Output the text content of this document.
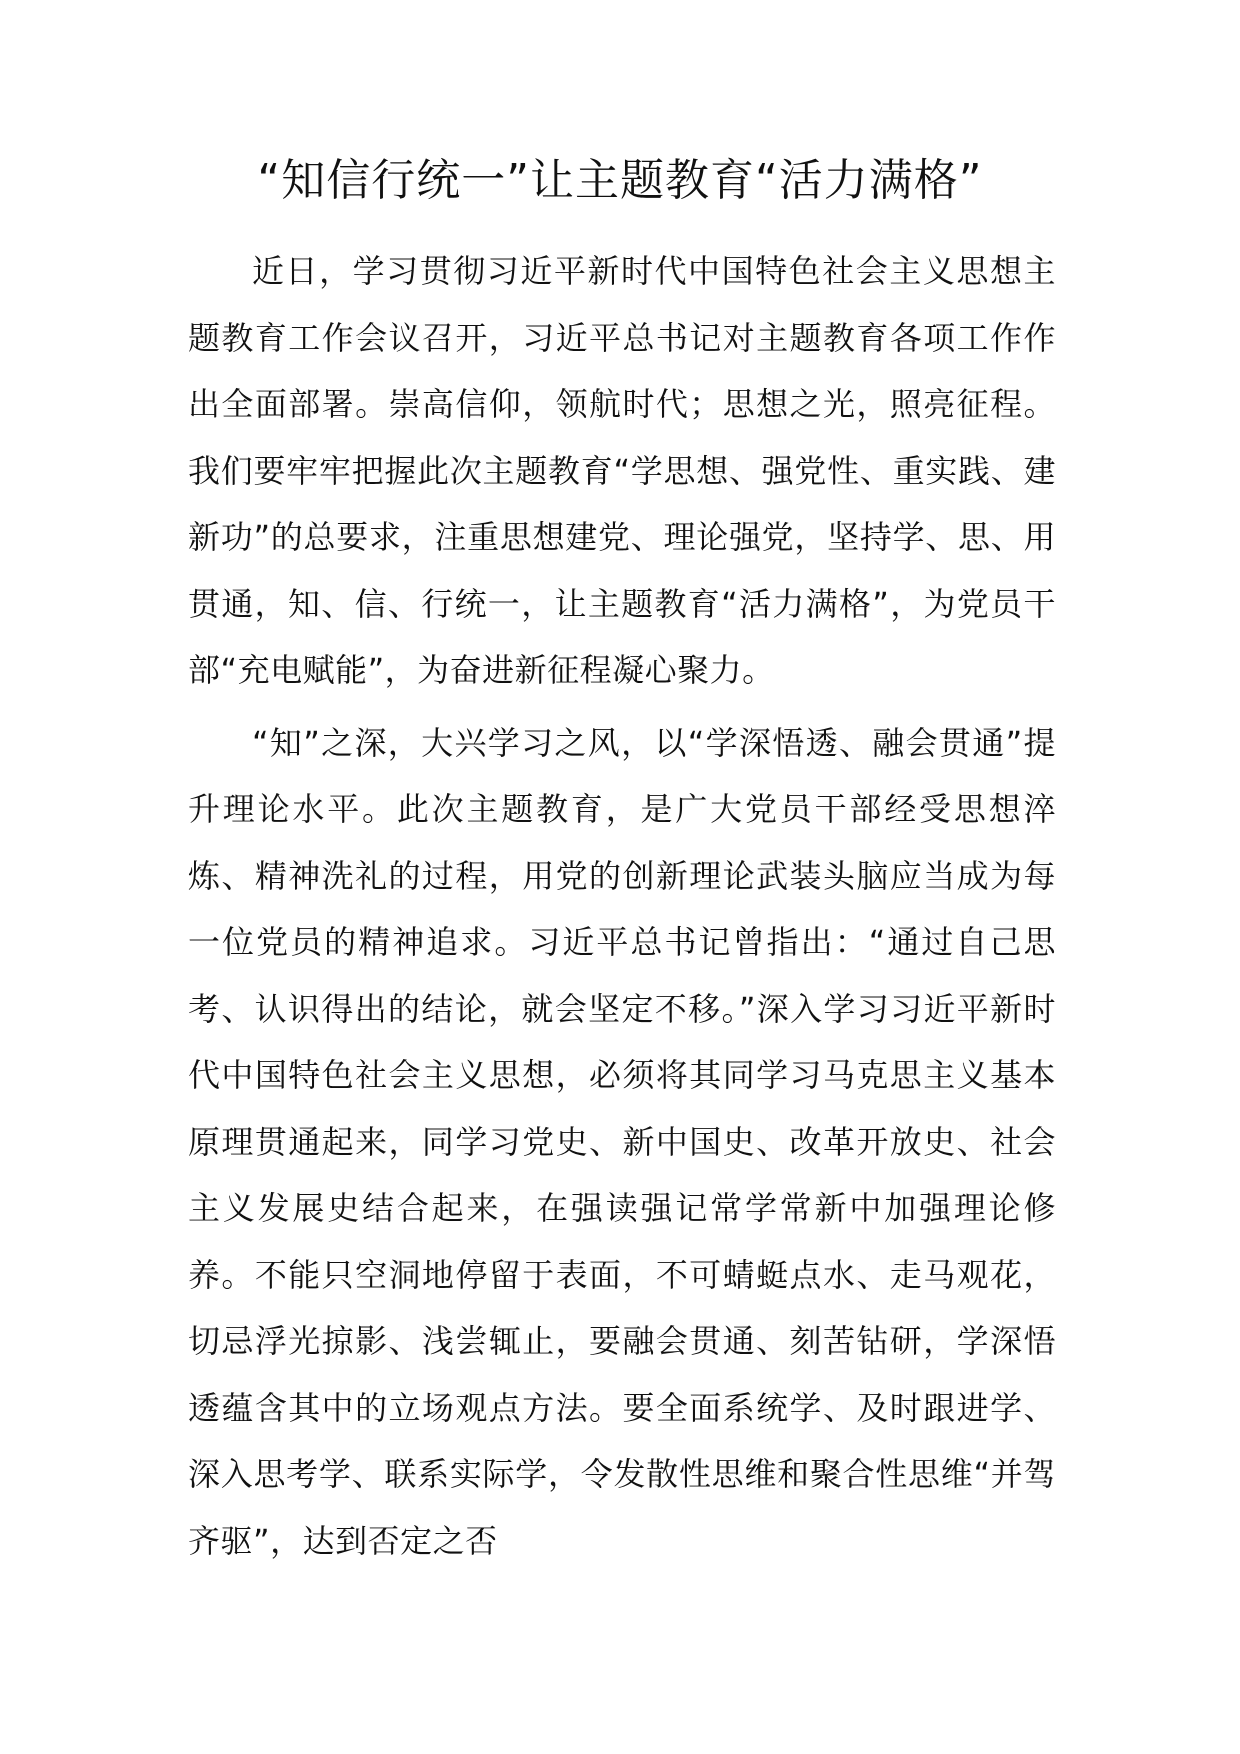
“知信行统一”让主题教育“活力满格”

近日，学习贯彻习近平新时代中国特色社会主义思想主题教育工作会议召开，习近平总书记对主题教育各项工作作出全面部署。崇高信仰，领航时代；思想之光，照亮征程。我们要牢牢把握此次主题教育“学思想、强党性、重实践、建新功”的总要求，注重思想建党、理论强党，坚持学、思、用贯通，知、信、行统一，让主题教育“活力满格”，为党员干部“充电赋能”，为奋进新征程凝心聚力。

“知”之深，大兴学习之风，以“学深悟透、融会贯通”提升理论水平。此次主题教育，是广大党员干部经受思想淬炼、精神洗礼的过程，用党的创新理论武装头脑应当成为每一位党员的精神追求。习近平总书记曾指出：“通过自己思考、认识得出的结论，就会坚定不移。”深入学习习近平新时代中国特色社会主义思想，必须将其同学习马克思主义基本原理贯通起来，同学习党史、新中国史、改革开放史、社会主义发展史结合起来，在强读强记常学常新中加强理论修养。不能只空洞地停留于表面，不可蜻蜓点水、走马观花，切忌浮光掠影、浅尝辄止，要融会贯通、刻苦钻研，学深悟透蕴含其中的立场观点方法。要全面系统学、及时跟进学、深入思考学、联系实际学，令发散性思维和聚合性思维“并驾齐驱”，达到否定之否
